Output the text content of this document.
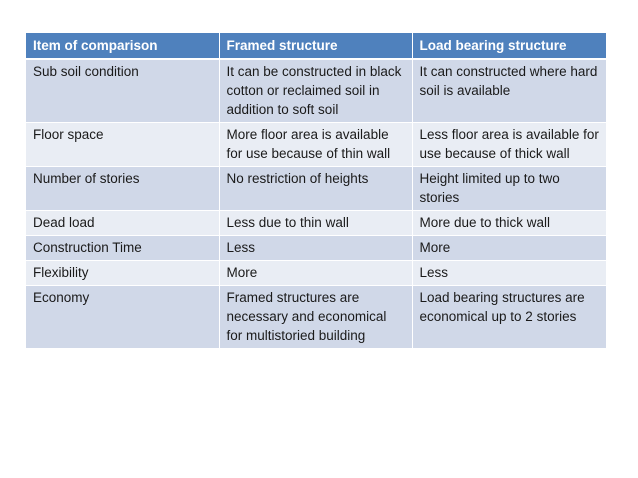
Item of comparison	Framed structure	Load bearing structure
Sub soil condition	It can be constructed in black cotton or reclaimed soil in addition to soft soil	It can constructed where hard soil is available
Floor space	More floor area is available for use because of thin wall	Less floor area is available for use because of thick wall
Number of stories	No restriction of heights	Height limited up to two stories
Dead load	Less due to thin wall	More due to thick wall
Construction Time	Less	More
Flexibility	More	Less
Economy	Framed structures are necessary and economical for multistoried building	Load bearing structures are economical up to 2 stories
